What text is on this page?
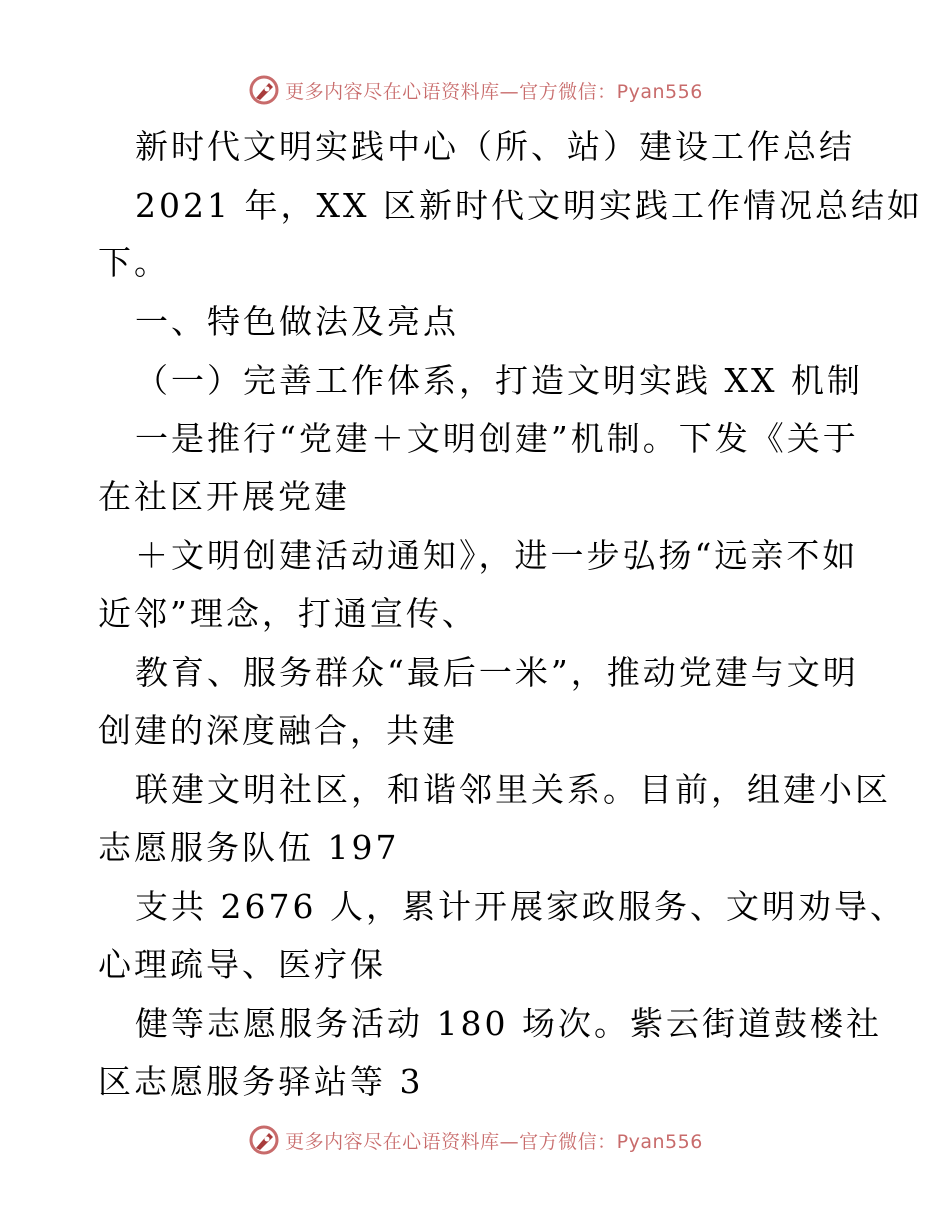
更多内容尽在心语资料库—官方微信：Pyan556
新时代文明实践中心（所、站）建设工作总结
2021 年，XX 区新时代文明实践工作情况总结如
下。
一、特色做法及亮点
（一）完善工作体系，打造文明实践 XX 机制
一是推行“党建＋文明创建”机制。下发《关于
在社区开展党建
＋文明创建活动通知》，进一步弘扬“远亲不如
近邻”理念，打通宣传、
教育、服务群众“最后一米”，推动党建与文明
创建的深度融合，共建
联建文明社区，和谐邻里关系。目前，组建小区
志愿服务队伍 197
支共 2676 人，累计开展家政服务、文明劝导、
心理疏导、医疗保
健等志愿服务活动 180 场次。紫云街道鼓楼社
区志愿服务驿站等 3
更多内容尽在心语资料库—官方微信：Pyan556
